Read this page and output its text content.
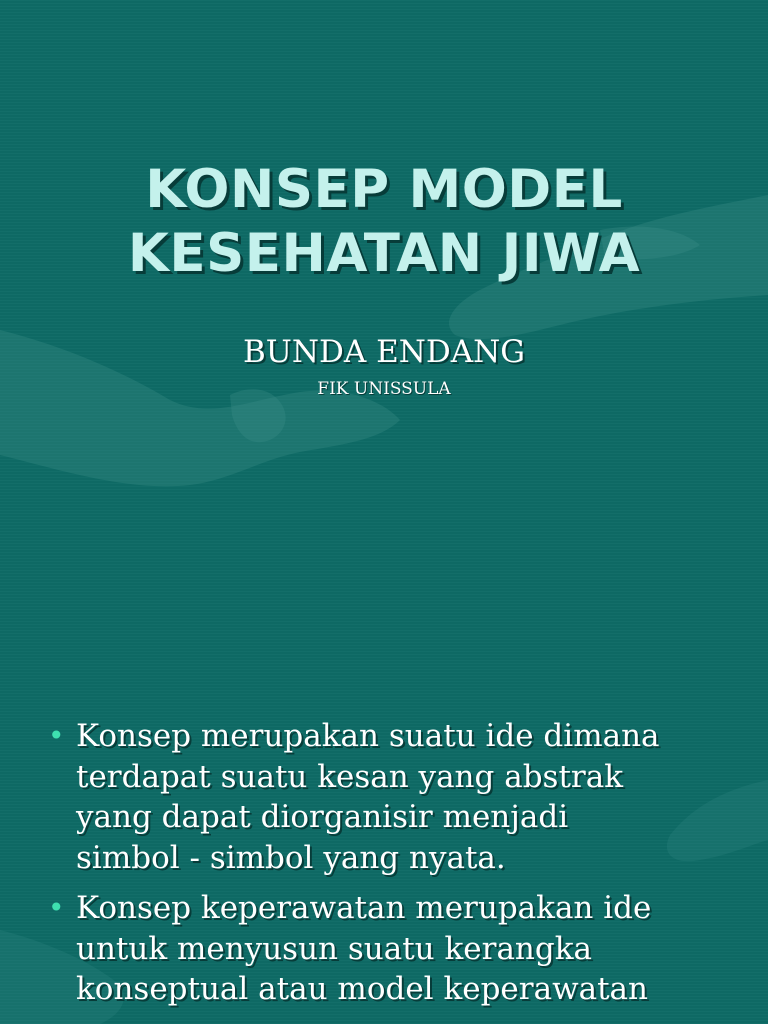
KONSEP MODEL
KESEHATAN JIWA
BUNDA ENDANG
FIK UNISSULA
• Konsep merupakan suatu ide dimana
terdapat suatu kesan yang abstrak
yang dapat diorganisir menjadi
simbol - simbol yang nyata.
• Konsep keperawatan merupakan ide
untuk menyusun suatu kerangka
konseptual atau model keperawatan
